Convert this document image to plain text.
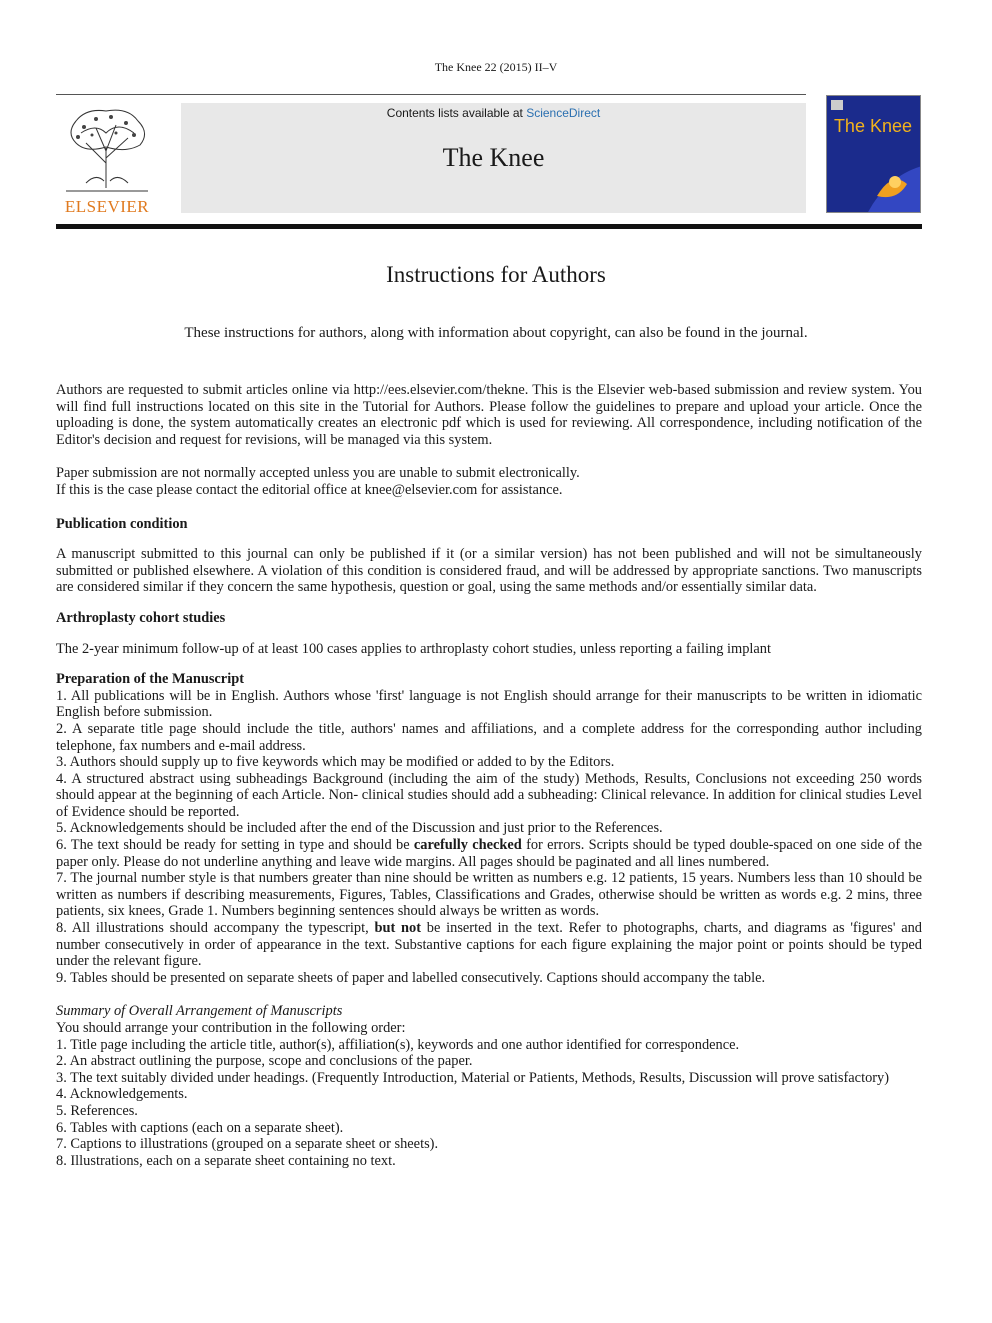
The Knee 22 (2015) II–V
ELSEVIER
Contents lists available at ScienceDirect
The Knee
The Knee
Instructions for Authors
These instructions for authors, along with information about copyright, can also be found in the journal.

Authors are requested to submit articles online via http://ees.elsevier.com/thekne. This is the Elsevier web-based submission and review system. You will find full instructions located on this site in the Tutorial for Authors. Please follow the guidelines to prepare and upload your article. Once the uploading is done, the system automatically creates an electronic pdf which is used for reviewing. All correspondence, including notification of the Editor's decision and request for revisions, will be managed via this system.

Paper submission are not normally accepted unless you are unable to submit electronically.

If this is the case please contact the editorial office at knee@elsevier.com for assistance.

Publication condition

A manuscript submitted to this journal can only be published if it (or a similar version) has not been published and will not be simultaneously submitted or published elsewhere. A violation of this condition is considered fraud, and will be addressed by appropriate sanctions. Two manuscripts are considered similar if they concern the same hypothesis, question or goal, using the same methods and/or essentially similar data.

Arthroplasty cohort studies

The 2-year minimum follow-up of at least 100 cases applies to arthroplasty cohort studies, unless reporting a failing implant

Preparation of the Manuscript

1. All publications will be in English. Authors whose 'first' language is not English should arrange for their manuscripts to be written in idiomatic English before submission.

2. A separate title page should include the title, authors' names and affiliations, and a complete address for the corresponding author including telephone, fax numbers and e-mail address.

3. Authors should supply up to five keywords which may be modified or added to by the Editors.

4. A structured abstract using subheadings Background (including the aim of the study) Methods, Results, Conclusions not exceeding 250 words should appear at the beginning of each Article. Non- clinical studies should add a subheading: Clinical relevance. In addition for clinical studies Level of Evidence should be reported.

5. Acknowledgements should be included after the end of the Discussion and just prior to the References.

6. The text should be ready for setting in type and should be carefully checked for errors. Scripts should be typed double-spaced on one side of the paper only. Please do not underline anything and leave wide margins. All pages should be paginated and all lines numbered.

7. The journal number style is that numbers greater than nine should be written as numbers e.g. 12 patients, 15 years. Numbers less than 10 should be written as numbers if describing measurements, Figures, Tables, Classifications and Grades, otherwise should be written as words e.g. 2 mins, three patients, six knees, Grade 1. Numbers beginning sentences should always be written as words.

8. All illustrations should accompany the typescript, but not be inserted in the text. Refer to photographs, charts, and diagrams as 'figures' and number consecutively in order of appearance in the text. Substantive captions for each figure explaining the major point or points should be typed under the relevant figure.

9. Tables should be presented on separate sheets of paper and labelled consecutively. Captions should accompany the table.

Summary of Overall Arrangement of Manuscripts

You should arrange your contribution in the following order:

1. Title page including the article title, author(s), affiliation(s), keywords and one author identified for correspondence.

2. An abstract outlining the purpose, scope and conclusions of the paper.

3. The text suitably divided under headings. (Frequently Introduction, Material or Patients, Methods, Results, Discussion will prove satisfactory)

4. Acknowledgements.

5. References.

6. Tables with captions (each on a separate sheet).

7. Captions to illustrations (grouped on a separate sheet or sheets).

8. Illustrations, each on a separate sheet containing no text.
